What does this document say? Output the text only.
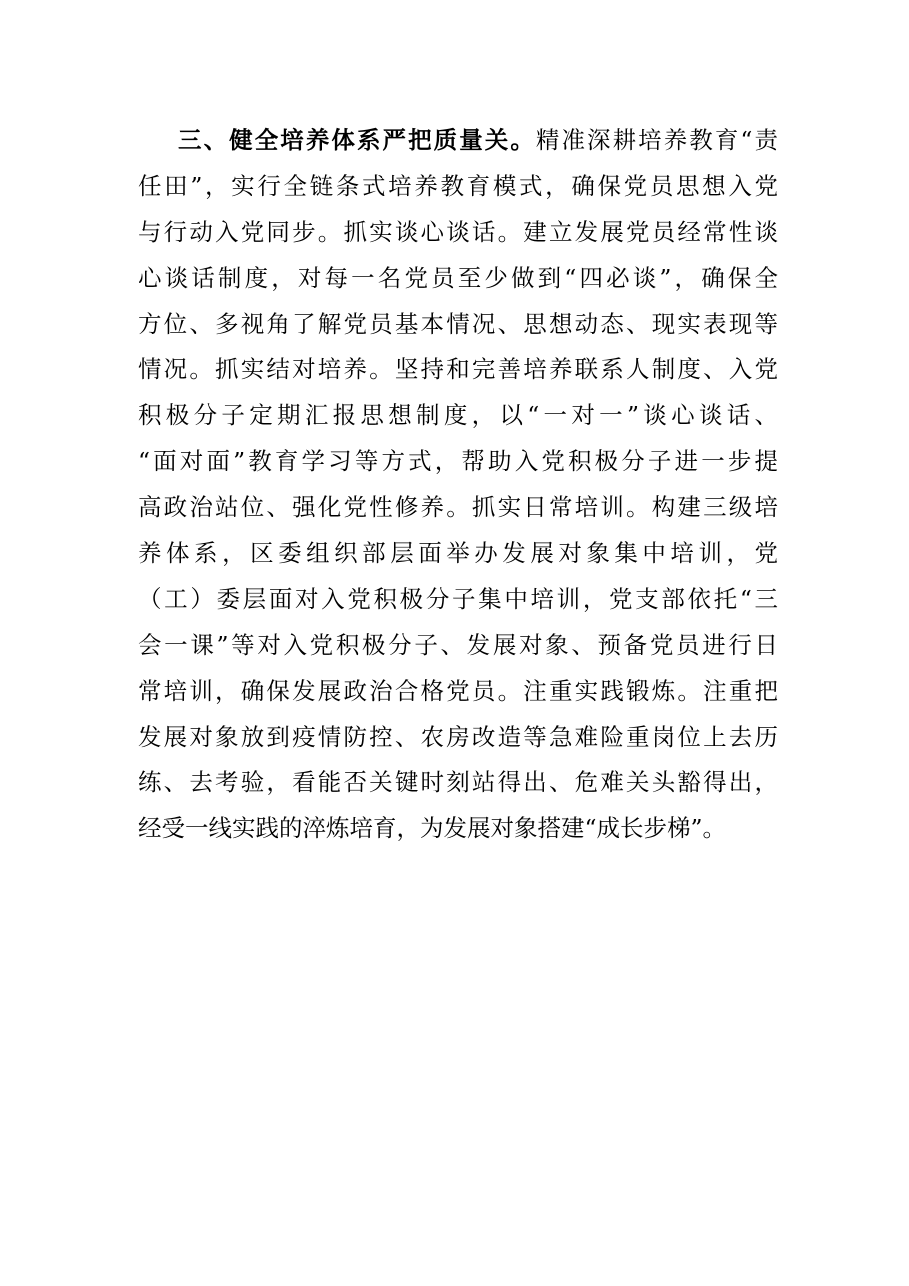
三、健全培养体系严把质量关。精准深耕培养教育“责
任田”，实行全链条式培养教育模式，确保党员思想入党
与行动入党同步。抓实谈心谈话。建立发展党员经常性谈
心谈话制度，对每一名党员至少做到“四必谈”，确保全
方位、多视角了解党员基本情况、思想动态、现实表现等
情况。抓实结对培养。坚持和完善培养联系人制度、入党
积极分子定期汇报思想制度，以“一对一”谈心谈话、
“面对面”教育学习等方式，帮助入党积极分子进一步提
高政治站位、强化党性修养。抓实日常培训。构建三级培
养体系，区委组织部层面举办发展对象集中培训，党
（工）委层面对入党积极分子集中培训，党支部依托“三
会一课”等对入党积极分子、发展对象、预备党员进行日
常培训，确保发展政治合格党员。注重实践锻炼。注重把
发展对象放到疫情防控、农房改造等急难险重岗位上去历
练、去考验，看能否关键时刻站得出、危难关头豁得出，
经受一线实践的淬炼培育，为发展对象搭建“成长步梯”。
